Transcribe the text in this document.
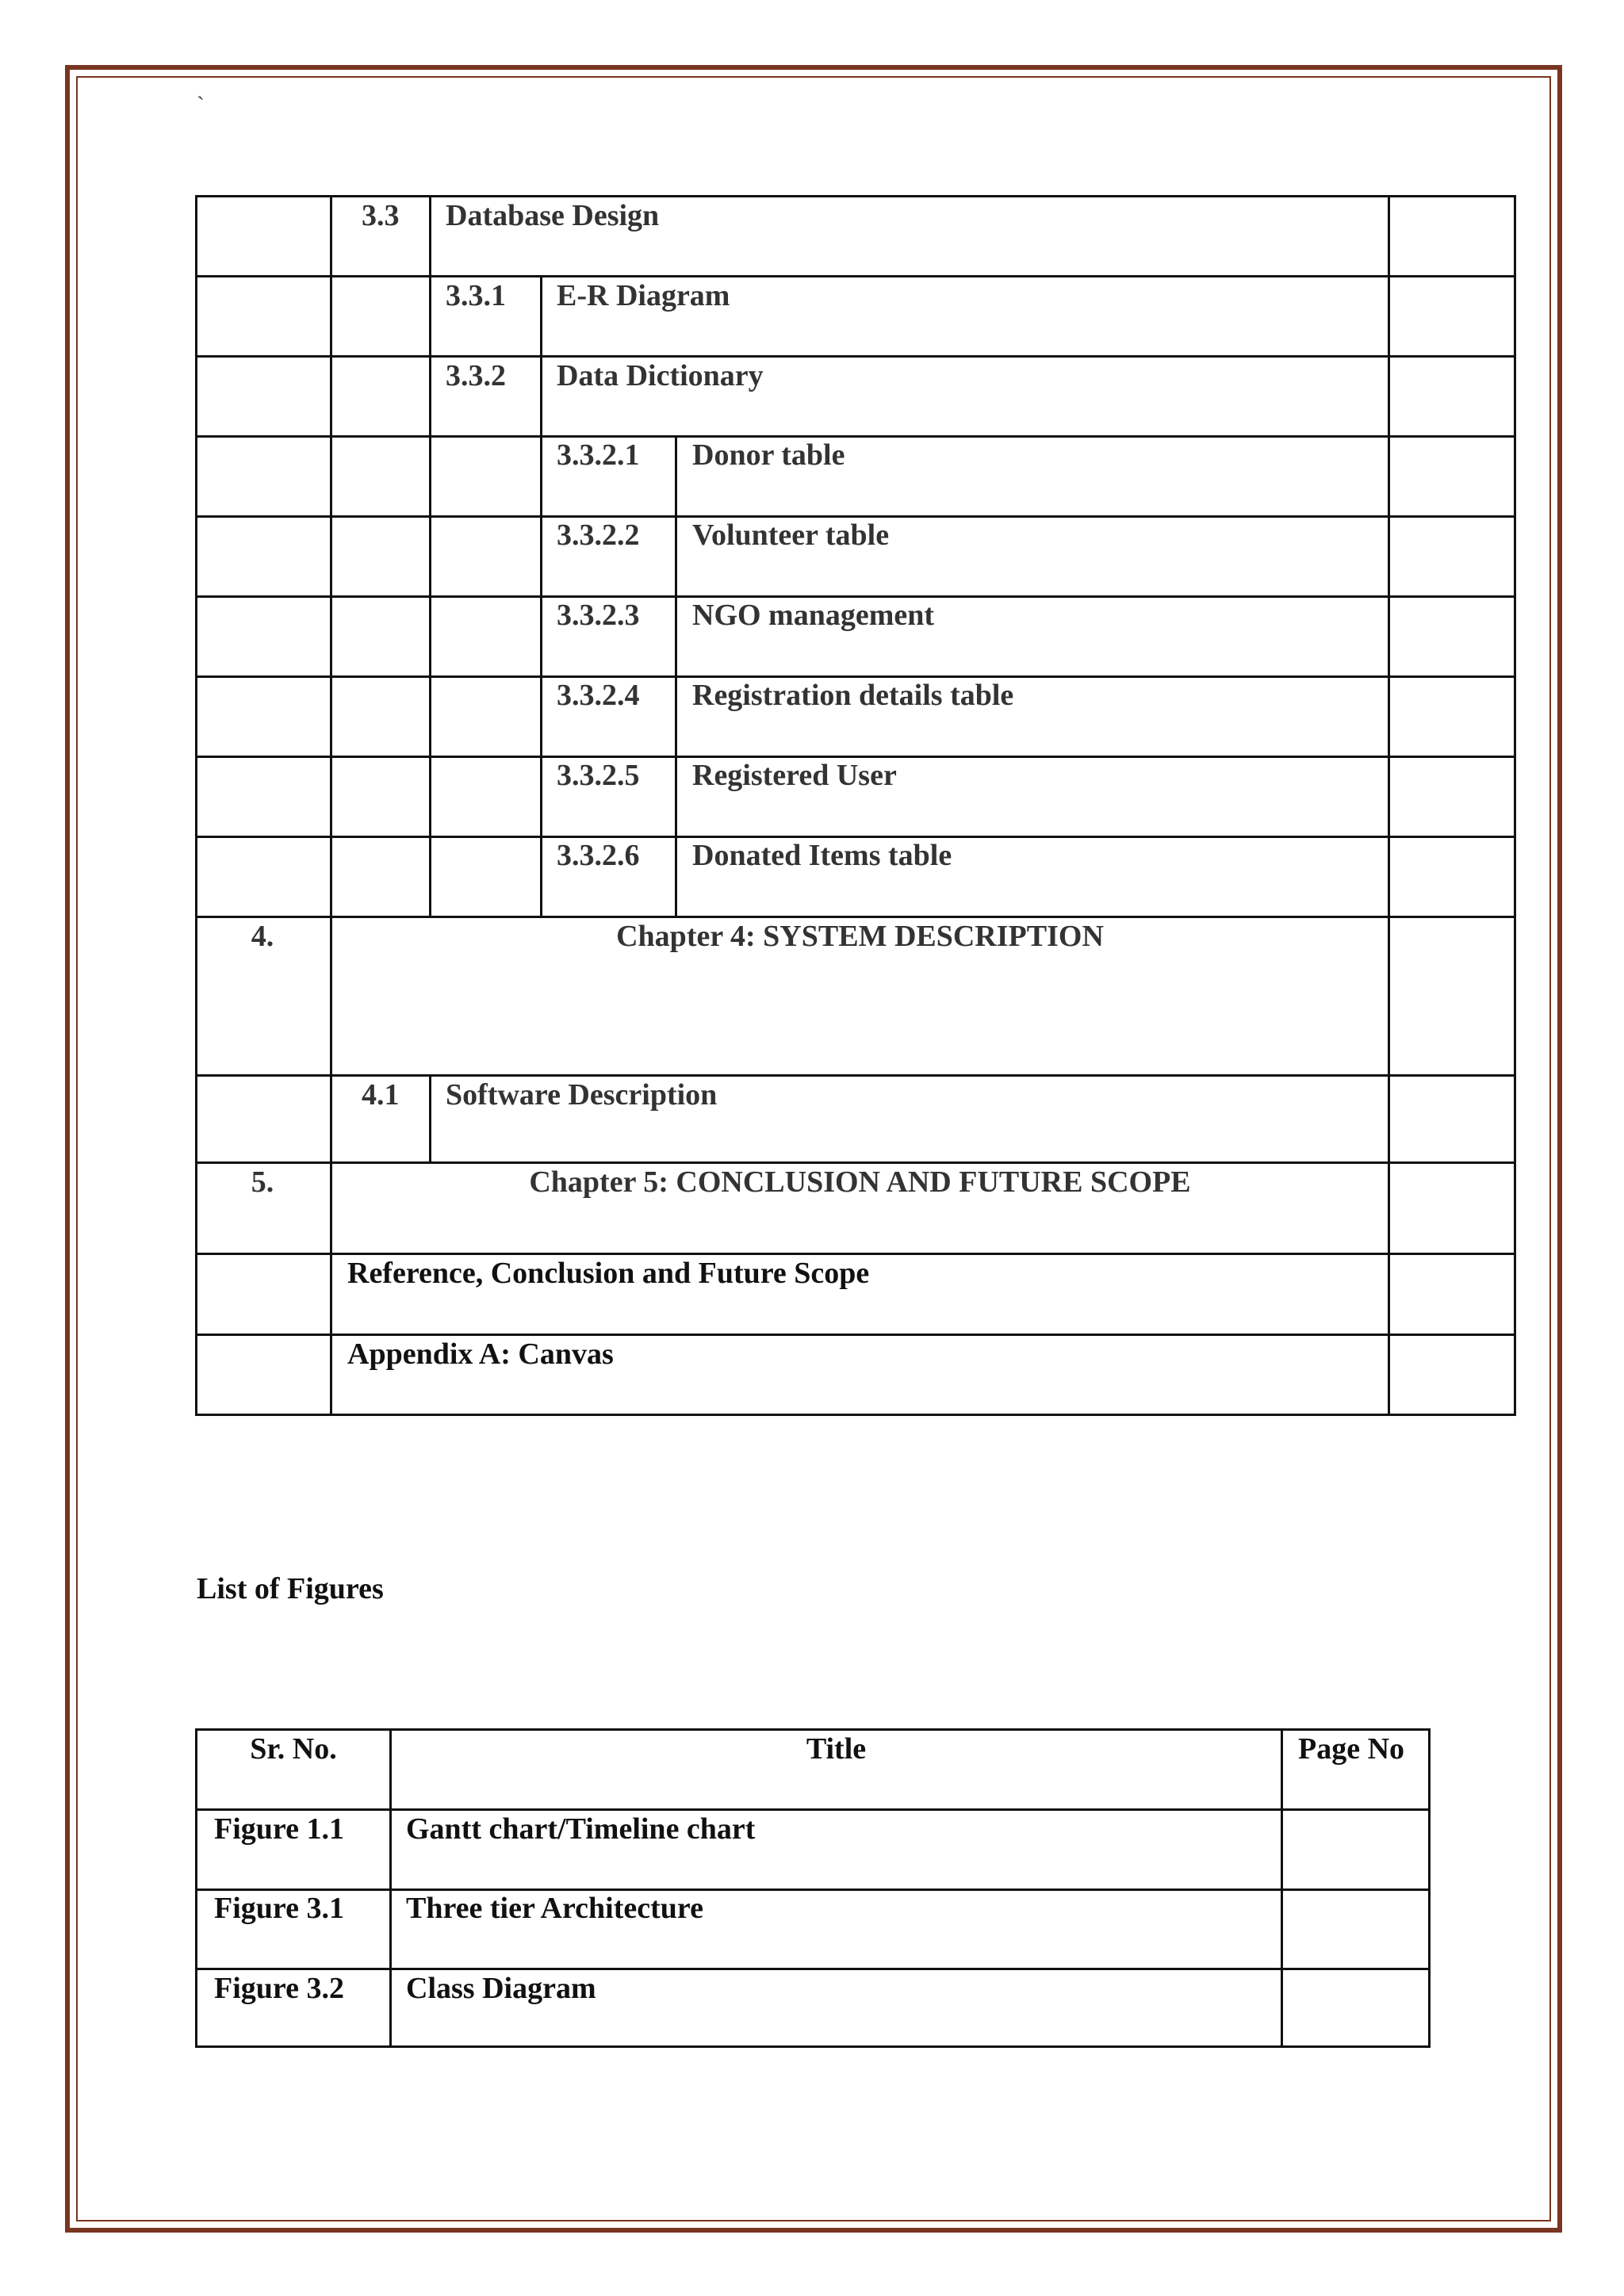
`
3.3 Database Design
3.3.1 E-R Diagram
3.3.2 Data Dictionary
3.3.2.1 Donor table
3.3.2.2 Volunteer table
3.3.2.3 NGO management
3.3.2.4 Registration details table
3.3.2.5 Registered User
3.3.2.6 Donated Items table
4.	Chapter 4: SYSTEM DESCRIPTION
4.1 Software Description
5.	Chapter 5: CONCLUSION AND FUTURE SCOPE
Reference, Conclusion and Future Scope
Appendix A: Canvas
List of Figures
Sr. No.	Title	Page No
Figure 1.1 Gantt chart/Timeline chart
Figure 3.1 Three tier Architecture
Figure 3.2 Class Diagram
